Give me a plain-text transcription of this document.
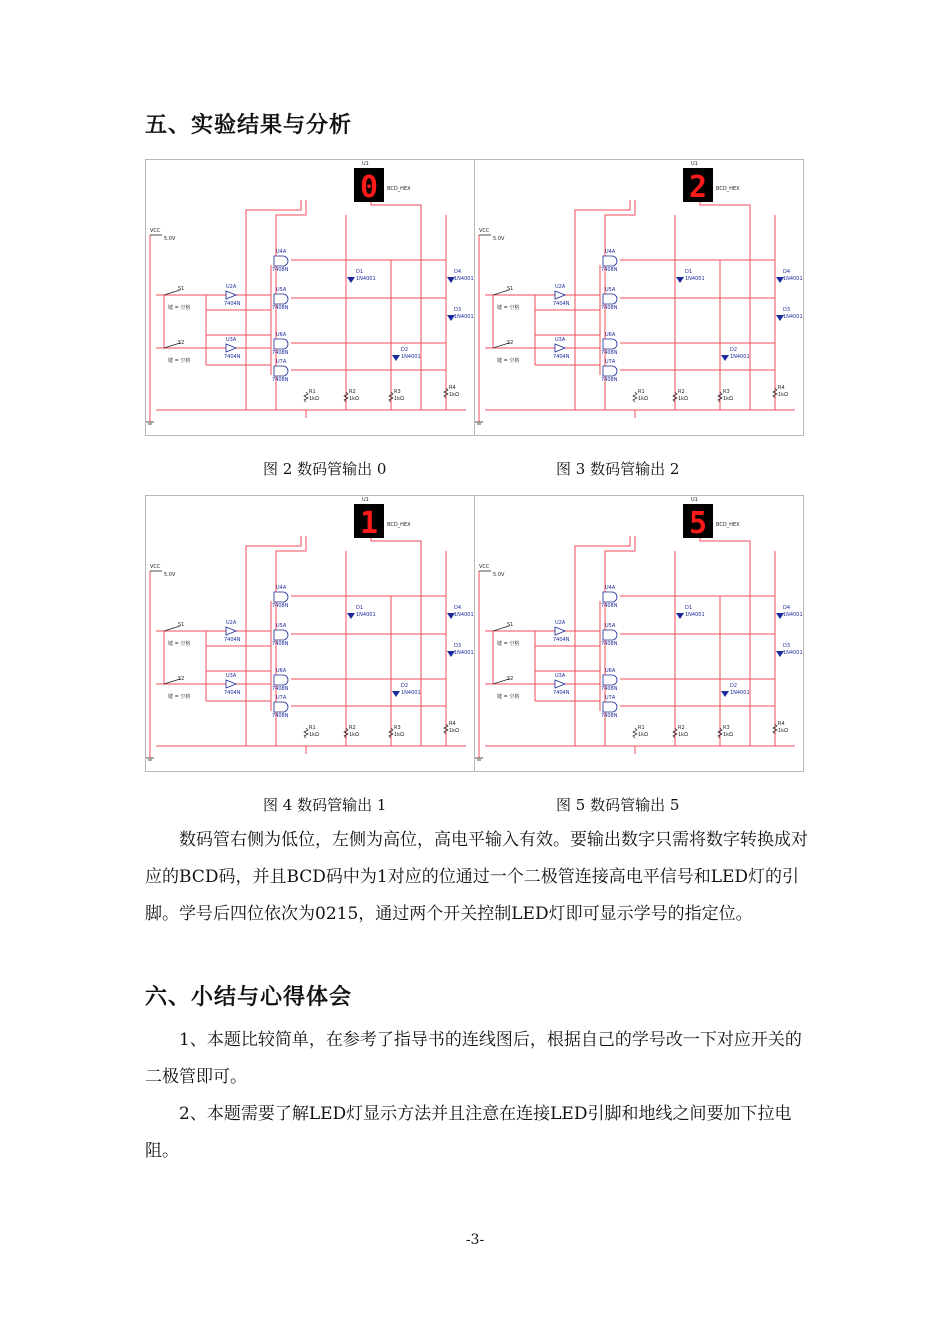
五、实验结果与分析
0
U1
BCD_HEX
VCC
5.0V
S1
键 = 空格
S2
键 = 空格
U2A
7404N
U3A
7404N
U4A
7408N
U5A
7408N
U6A
7408N
U7A
7408N
D1
1N4001
D4
1N4001
D3
1N4001
D2
1N4001
R1
1kΩ
R2
1kΩ
R3
1kΩ
R4
1kΩ
2
U1
BCD_HEX
VCC
5.0V
S1
键 = 空格
S2
键 = 空格
U2A
7404N
U3A
7404N
U4A
7408N
U5A
7408N
U6A
7408N
U7A
7408N
D1
1N4001
D4
1N4001
D3
1N4001
D2
1N4001
R1
1kΩ
R2
1kΩ
R3
1kΩ
R4
1kΩ
图 2 数码管输出 0	图 3 数码管输出 2
1
U1
BCD_HEX
VCC
5.0V
S1
键 = 空格
S2
键 = 空格
U2A
7404N
U3A
7404N
U4A
7408N
U5A
7408N
U6A
7408N
U7A
7408N
D1
1N4001
D4
1N4001
D3
1N4001
D2
1N4001
R1
1kΩ
R2
1kΩ
R3
1kΩ
R4
1kΩ
5
U1
BCD_HEX
VCC
5.0V
S1
键 = 空格
S2
键 = 空格
U2A
7404N
U3A
7404N
U4A
7408N
U5A
7408N
U6A
7408N
U7A
7408N
D1
1N4001
D4
1N4001
D3
1N4001
D2
1N4001
R1
1kΩ
R2
1kΩ
R3
1kΩ
R4
1kΩ
图 4 数码管输出 1	图 5 数码管输出 5

数码管右侧为低位，左侧为高位，高电平输入有效。要输出数字只需将数字转换成对应的BCD码，并且BCD码中为1对应的位通过一个二极管连接高电平信号和LED灯的引脚。学号后四位依次为0215，通过两个开关控制LED灯即可显示学号的指定位。

六、小结与心得体会

1、本题比较简单，在参考了指导书的连线图后，根据自己的学号改一下对应开关的二极管即可。

2、本题需要了解LED灯显示方法并且注意在连接LED引脚和地线之间要加下拉电阻。

-3-
